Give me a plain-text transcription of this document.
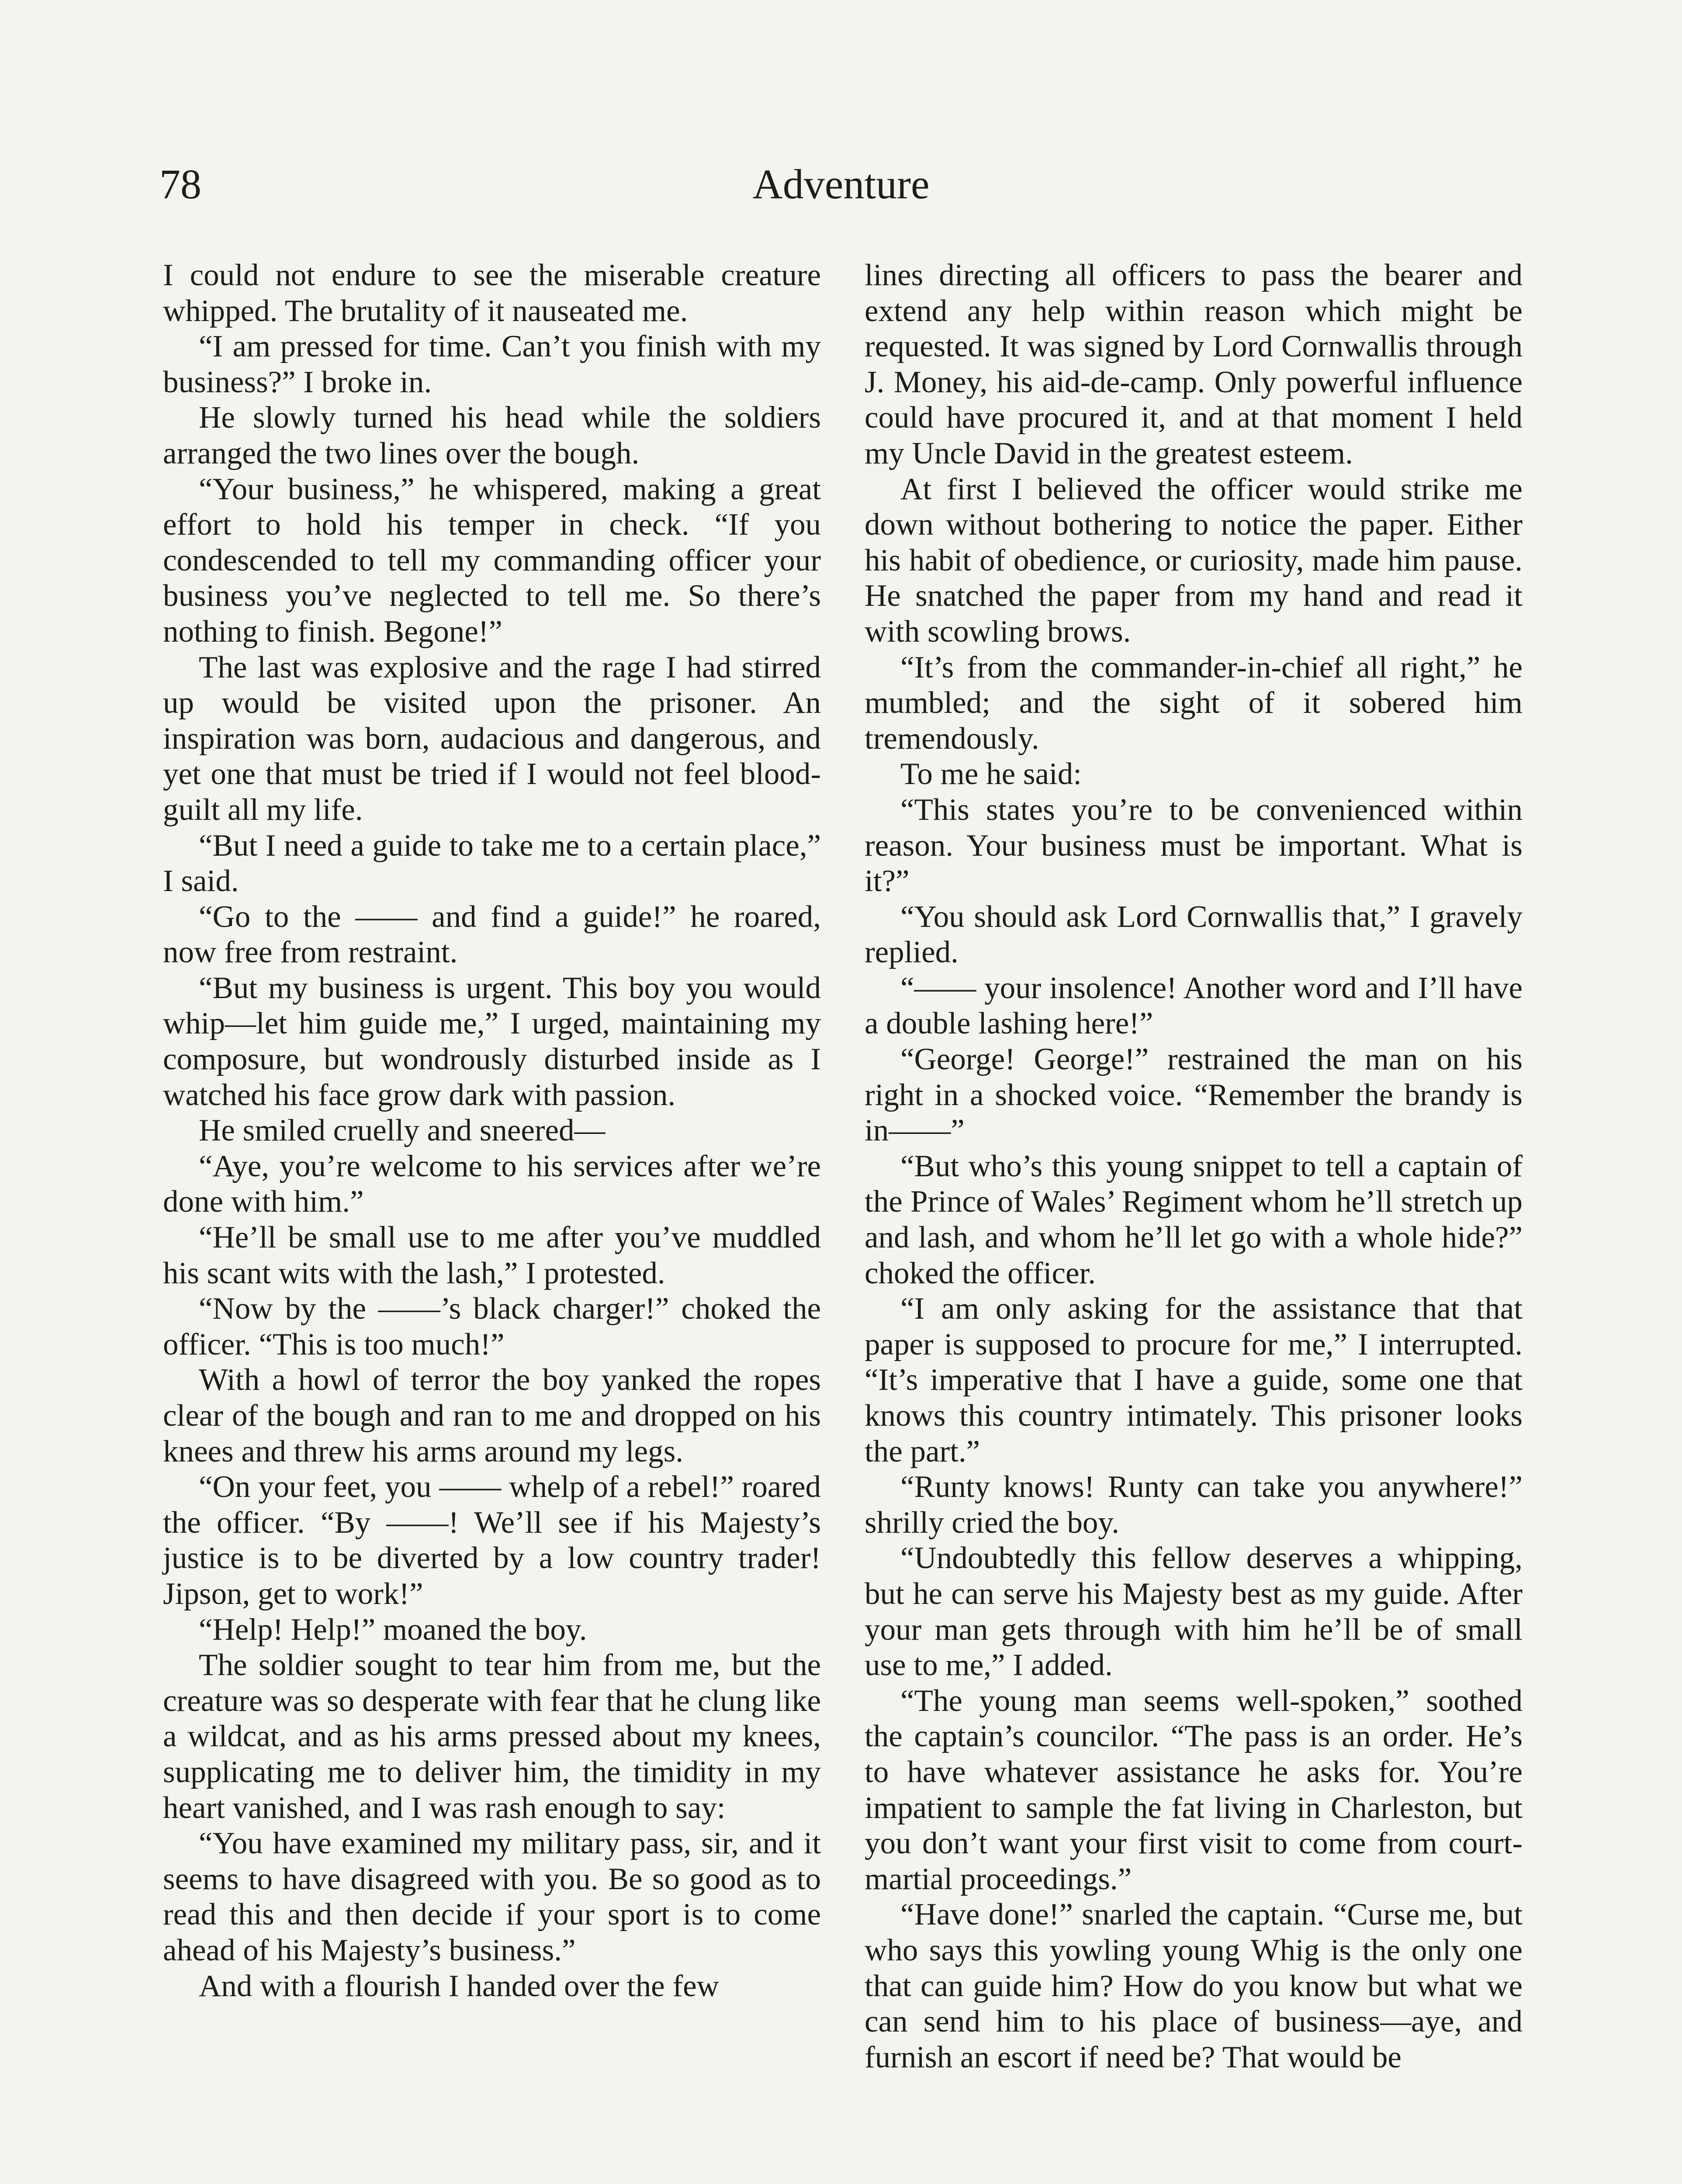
78	Adventure

I could not endure to see the miserable creature whipped. The brutality of it nauseated me.

“I am pressed for time. Can’t you finish with my business?” I broke in.

He slowly turned his head while the soldiers arranged the two lines over the bough.

“Your business,” he whispered, making a great effort to hold his temper in check. “If you condescended to tell my commanding officer your business you’ve neglected to tell me. So there’s nothing to finish. Begone!”

The last was explosive and the rage I had stirred up would be visited upon the prisoner. An inspiration was born, audacious and dangerous, and yet one that must be tried if I would not feel blood-guilt all my life.

“But I need a guide to take me to a certain place,” I said.

“Go to the —— and find a guide!” he roared, now free from restraint.

“But my business is urgent. This boy you would whip—let him guide me,” I urged, maintaining my composure, but wondrously disturbed inside as I watched his face grow dark with passion.

He smiled cruelly and sneered—

“Aye, you’re welcome to his services after we’re done with him.”

“He’ll be small use to me after you’ve muddled his scant wits with the lash,” I protested.

“Now by the ——’s black charger!” choked the officer. “This is too much!”

With a howl of terror the boy yanked the ropes clear of the bough and ran to me and dropped on his knees and threw his arms around my legs.

“On your feet, you —— whelp of a rebel!” roared the officer. “By ——! We’ll see if his Majesty’s justice is to be diverted by a low country trader! Jipson, get to work!”

“Help! Help!” moaned the boy.

The soldier sought to tear him from me, but the creature was so desperate with fear that he clung like a wildcat, and as his arms pressed about my knees, supplicating me to deliver him, the timidity in my heart vanished, and I was rash enough to say:

“You have examined my military pass, sir, and it seems to have disagreed with you. Be so good as to read this and then decide if your sport is to come ahead of his Majesty’s business.”

And with a flourish I handed over the few

lines directing all officers to pass the bearer and extend any help within reason which might be requested. It was signed by Lord Cornwallis through J. Money, his aid-de-camp. Only powerful influence could have procured it, and at that moment I held my Uncle David in the greatest esteem.

At first I believed the officer would strike me down without bothering to notice the paper. Either his habit of obedience, or curiosity, made him pause. He snatched the paper from my hand and read it with scowling brows.

“It’s from the commander-in-chief all right,” he mumbled; and the sight of it sobered him tremendously.

To me he said:

“This states you’re to be convenienced within reason. Your business must be important. What is it?”

“You should ask Lord Cornwallis that,” I gravely replied.

“—— your insolence! Another word and I’ll have a double lashing here!”

“George! George!” restrained the man on his right in a shocked voice. “Remember the brandy is in——”

“But who’s this young snippet to tell a captain of the Prince of Wales’ Regiment whom he’ll stretch up and lash, and whom he’ll let go with a whole hide?” choked the officer.

“I am only asking for the assistance that that paper is supposed to procure for me,” I interrupted. “It’s imperative that I have a guide, some one that knows this country intimately. This prisoner looks the part.”

“Runty knows! Runty can take you anywhere!” shrilly cried the boy.

“Undoubtedly this fellow deserves a whipping, but he can serve his Majesty best as my guide. After your man gets through with him he’ll be of small use to me,” I added.

“The young man seems well-spoken,” soothed the captain’s councilor. “The pass is an order. He’s to have whatever assistance he asks for. You’re impatient to sample the fat living in Charleston, but you don’t want your first visit to come from court-martial proceedings.”

“Have done!” snarled the captain. “Curse me, but who says this yowling young Whig is the only one that can guide him? How do you know but what we can send him to his place of business—aye, and furnish an escort if need be? That would be
